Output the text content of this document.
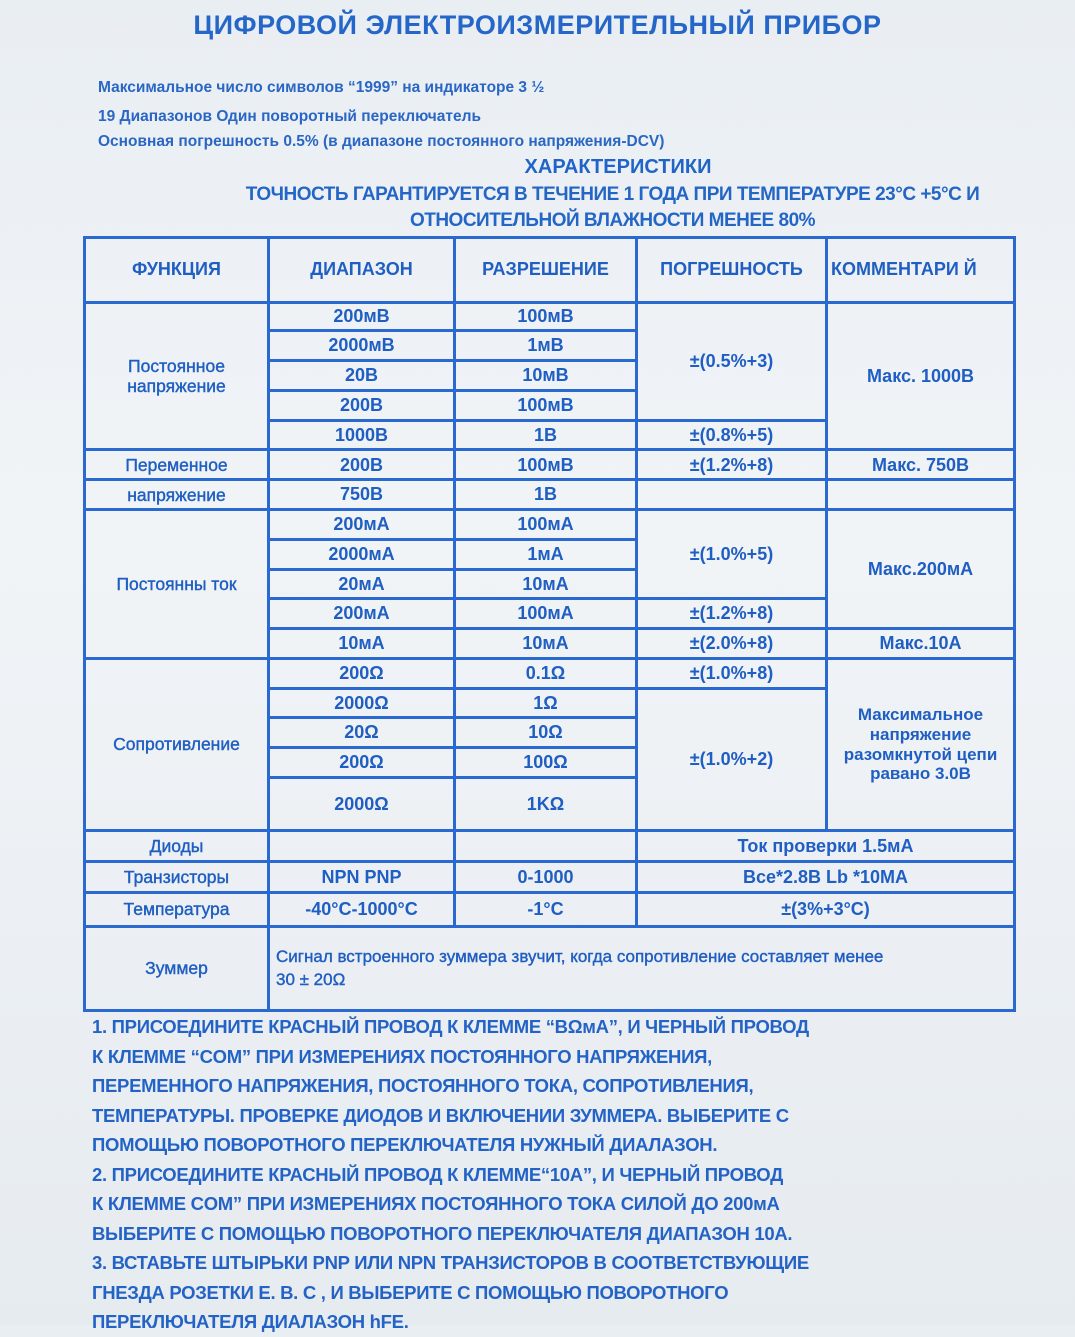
ЦИФРОВОЙ ЭЛЕКТРОИЗМЕРИТЕЛЬНЫЙ ПРИБОР
Максимальное число символов “1999” на индикаторе 3 ½
19 Диапазонов Один поворотный переключатель
Основная погрешность 0.5% (в диапазоне постоянного напряжения-DCV)
ХАРАКТЕРИСТИКИ
ТОЧНОСТЬ ГАРАНТИРУЕТСЯ В ТЕЧЕНИЕ 1 ГОДА ПРИ ТЕМПЕРАТУРЕ 23°С +5°С И
ОТНОСИТЕЛЬНОЙ ВЛАЖНОСТИ МЕНЕЕ 80%
ФУНКЦИЯ	ДИАПАЗОН	РАЗРЕШЕНИЕ	ПОГРЕШНОСТЬ	КОММЕНТАРИ Й
Постоянное напряжение	200мВ	100мВ	±(0.5%+3)	Макс. 1000В
	2000мВ	1мВ		
	20В	10мВ		
	200В	100мВ		
	1000В	1В	±(0.8%+5)	
Переменное	200В	100мВ	±(1.2%+8)	Макс. 750В
напряжение	750В	1В		
Постоянны ток	200мА	100мА	±(1.0%+5)	Макс.200мА
	2000мА	1мА		
	20мА	10мА		
	200мА	100мА	±(1.2%+8)	
	10мА	10мА	±(2.0%+8)	Макс.10А
Сопротивление	200Ω	0.1Ω	±(1.0%+8)	Максимальное напряжение разомкнутой цепи равано 3.0В
	2000Ω	1Ω	±(1.0%+2)	
	20Ω	10Ω		
	200Ω	100Ω		
	2000Ω	1KΩ		
Диоды			Ток проверки 1.5мА	
Транзисторы	NPN PNP	0-1000	Все*2.8В Lb *10МА	
Температура	-40°С-1000°С	-1°С	±(3%+3°С)	
Зуммер	Сигнал встроенного зуммера звучит, когда сопротивление составляет менее
30 ± 20Ω			
1. ПРИСОЕДИНИТЕ КРАСНЫЙ ПРОВОД К КЛЕММЕ “ВΩмА”, И ЧЕРНЫЙ ПРОВОД
К КЛЕММЕ “COM” ПРИ ИЗМЕРЕНИЯХ ПОСТОЯННОГО НАПРЯЖЕНИЯ,
ПЕРЕМЕННОГО НАПРЯЖЕНИЯ, ПОСТОЯННОГО ТОКА, СОПРОТИВЛЕНИЯ,
ТЕМПЕРАТУРЫ. ПРОВЕРКЕ ДИОДОВ И ВКЛЮЧЕНИИ ЗУММЕРА. ВЫБЕРИТЕ С
ПОМОЩЬЮ ПОВОРОТНОГО ПЕРЕКЛЮЧАТЕЛЯ НУЖНЫЙ ДИАЛАЗОН.
2. ПРИСОЕДИНИТЕ КРАСНЫЙ ПРОВОД К КЛЕММЕ“10А”, И ЧЕРНЫЙ ПРОВОД
К КЛЕММЕ COM” ПРИ ИЗМЕРЕНИЯХ ПОСТОЯННОГО ТОКА СИЛОЙ ДО 200мА
ВЫБЕРИТЕ С ПОМОЩЬЮ ПОВОРОТНОГО ПЕРЕКЛЮЧАТЕЛЯ ДИАПАЗОН 10А.
3. ВСТАВЬТЕ ШТЫРЬКИ PNP ИЛИ NPN ТРАНЗИСТОРОВ В СООТВЕТСТВУЮЩИЕ
ГНЕЗДА РОЗЕТКИ Е. В. С , И ВЫБЕРИТЕ С ПОМОЩЬЮ ПОВОРОТНОГО
ПЕРЕКЛЮЧАТЕЛЯ ДИАЛАЗОН hFE.
